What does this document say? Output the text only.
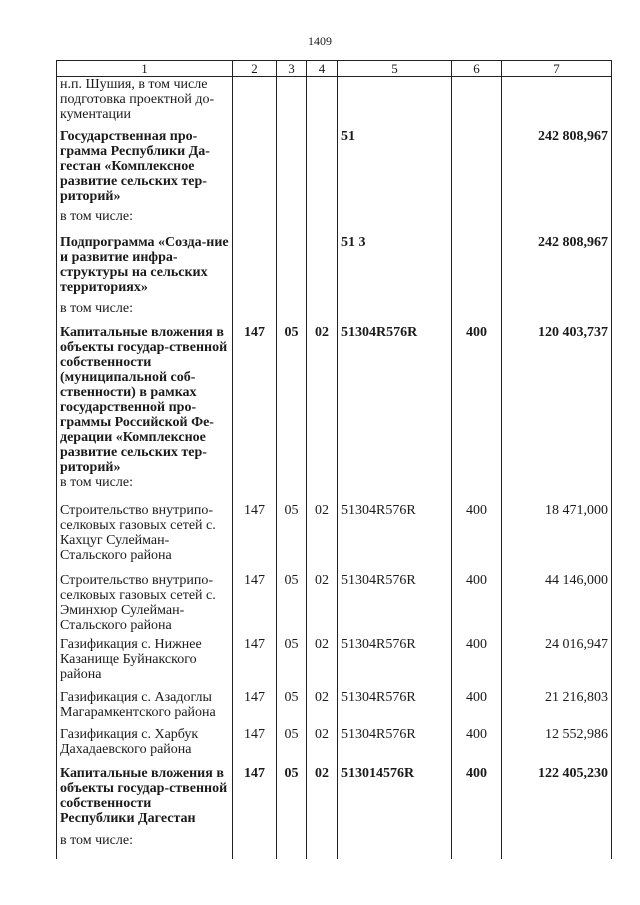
1409
1	2	3	4	5	6	7
н.п. Шушия, в том числе подготовка проектной до-кументации						
Государственная про-грамма Республики Да-гестан «Комплексное развитие сельских тер-риторий»				51		242 808,967
в том числе:						
Подпрограмма «Созда-ние и развитие инфра-структуры на сельских территориях»				51 3		242 808,967
в том числе:						
Капитальные вложения в объекты государ-ственной собственности (муниципальной соб-ственности) в рамках государственной про-граммы Российской Фе-дерации «Комплексное развитие сельских тер-риторий»	147	05	02	51304R576R	400	120 403,737
в том числе:						
Строительство внутрипо-селковых газовых сетей с. Кахцуг Сулейман-Стальского района	147	05	02	51304R576R	400	18 471,000
Строительство внутрипо-селковых газовых сетей с. Эминхюр Сулейман-Стальского района	147	05	02	51304R576R	400	44 146,000
Газификация с. Нижнее Казанище Буйнакского района	147	05	02	51304R576R	400	24 016,947
Газификация с. Азадоглы Магарамкентского района	147	05	02	51304R576R	400	21 216,803
Газификация с. Харбук Дахадаевского района	147	05	02	51304R576R	400	12 552,986
Капитальные вложения в объекты государ-ственной собственности Республики Дагестан	147	05	02	513014576R	400	122 405,230
в том числе:						
